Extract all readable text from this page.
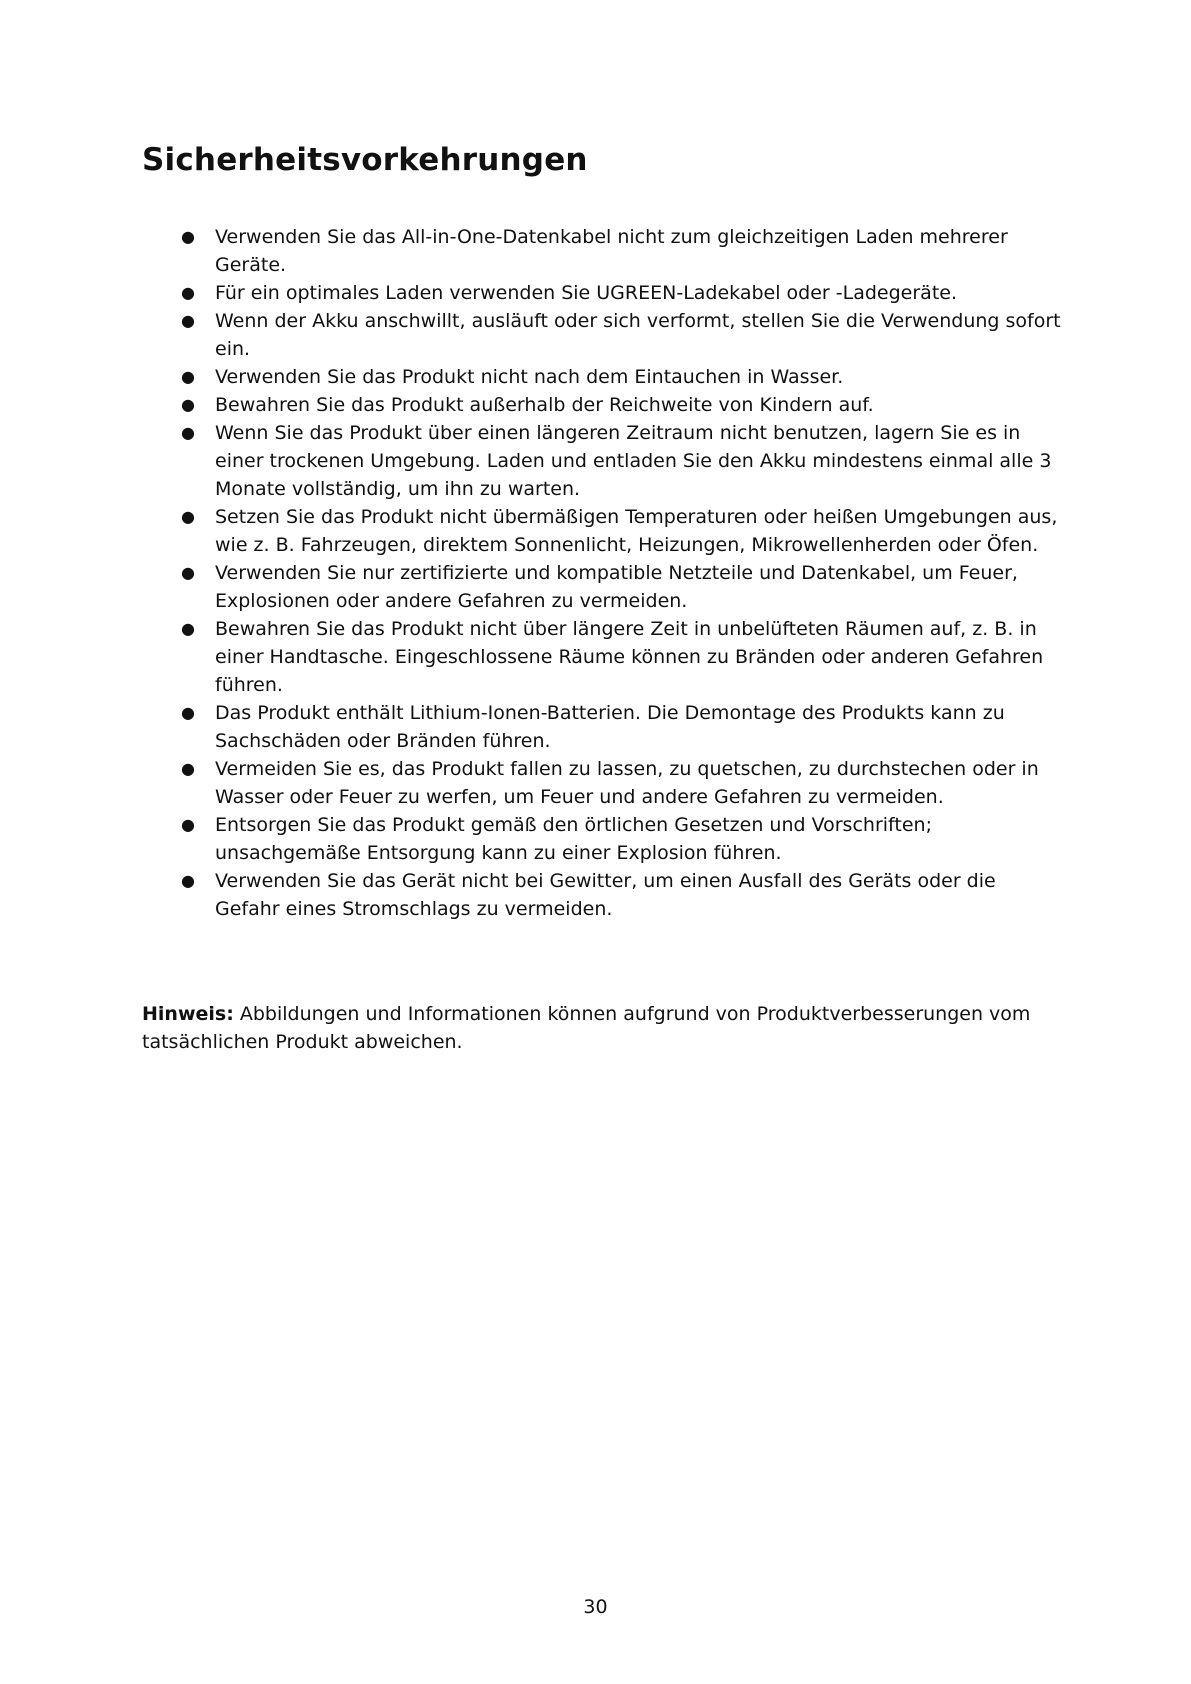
Sicherheitsvorkehrungen
● Verwenden Sie das All-in-One-Datenkabel nicht zum gleichzeitigen Laden mehrerer Geräte.
● Für ein optimales Laden verwenden Sie UGREEN-Ladekabel oder -Ladegeräte.
● Wenn der Akku anschwillt, ausläuft oder sich verformt, stellen Sie die Verwendung sofort ein.
● Verwenden Sie das Produkt nicht nach dem Eintauchen in Wasser.
● Bewahren Sie das Produkt außerhalb der Reichweite von Kindern auf.
● Wenn Sie das Produkt über einen längeren Zeitraum nicht benutzen, lagern Sie es in einer trockenen Umgebung. Laden und entladen Sie den Akku mindestens einmal alle 3 Monate vollständig, um ihn zu warten.
● Setzen Sie das Produkt nicht übermäßigen Temperaturen oder heißen Umgebungen aus, wie z. B. Fahrzeugen, direktem Sonnenlicht, Heizungen, Mikrowellenherden oder Öfen.
● Verwenden Sie nur zertifizierte und kompatible Netzteile und Datenkabel, um Feuer, Explosionen oder andere Gefahren zu vermeiden.
● Bewahren Sie das Produkt nicht über längere Zeit in unbelüfteten Räumen auf, z. B. in einer Handtasche. Eingeschlossene Räume können zu Bränden oder anderen Gefahren führen.
● Das Produkt enthält Lithium-Ionen-Batterien. Die Demontage des Produkts kann zu Sachschäden oder Bränden führen.
● Vermeiden Sie es, das Produkt fallen zu lassen, zu quetschen, zu durchstechen oder in Wasser oder Feuer zu werfen, um Feuer und andere Gefahren zu vermeiden.
● Entsorgen Sie das Produkt gemäß den örtlichen Gesetzen und Vorschriften; unsachgemäße Entsorgung kann zu einer Explosion führen.
● Verwenden Sie das Gerät nicht bei Gewitter, um einen Ausfall des Geräts oder die Gefahr eines Stromschlags zu vermeiden.

Hinweis: Abbildungen und Informationen können aufgrund von Produktverbesserungen vom tatsächlichen Produkt abweichen.

30
